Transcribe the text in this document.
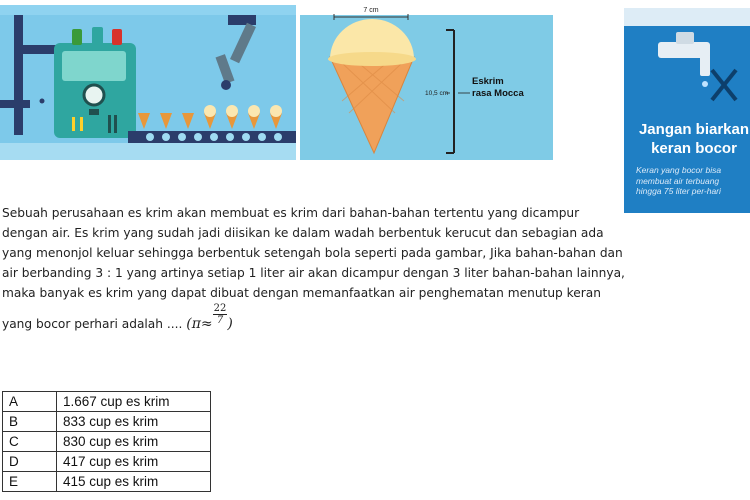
7 cm
10,5 cm
Eskrim
rasa Mocca
Jangan biarkan
keran bocor
Keran yang bocor bisa
membuat air terbuang
hingga 75 liter per-hari

Sebuah perusahaan es krim akan membuat es krim dari bahan-bahan tertentu yang dicampur

dengan air. Es krim yang sudah jadi diisikan ke dalam wadah berbentuk kerucut dan sebagian ada

yang menonjol keluar sehingga berbentuk setengah bola seperti pada gambar, Jika bahan-bahan dan

air berbanding 3 : 1 yang artinya setiap 1 liter air akan dicampur dengan 3 liter bahan-bahan lainnya,

maka banyak es krim yang dapat dibuat dengan memanfaatkan air penghematan menutup keran

yang bocor perhari adalah .... ($\pi\approx \frac{22}{7}$ )
A	1.667 cup es krim
B	833 cup es krim
C	830 cup es krim
D	417 cup es krim
E	415 cup es krim
